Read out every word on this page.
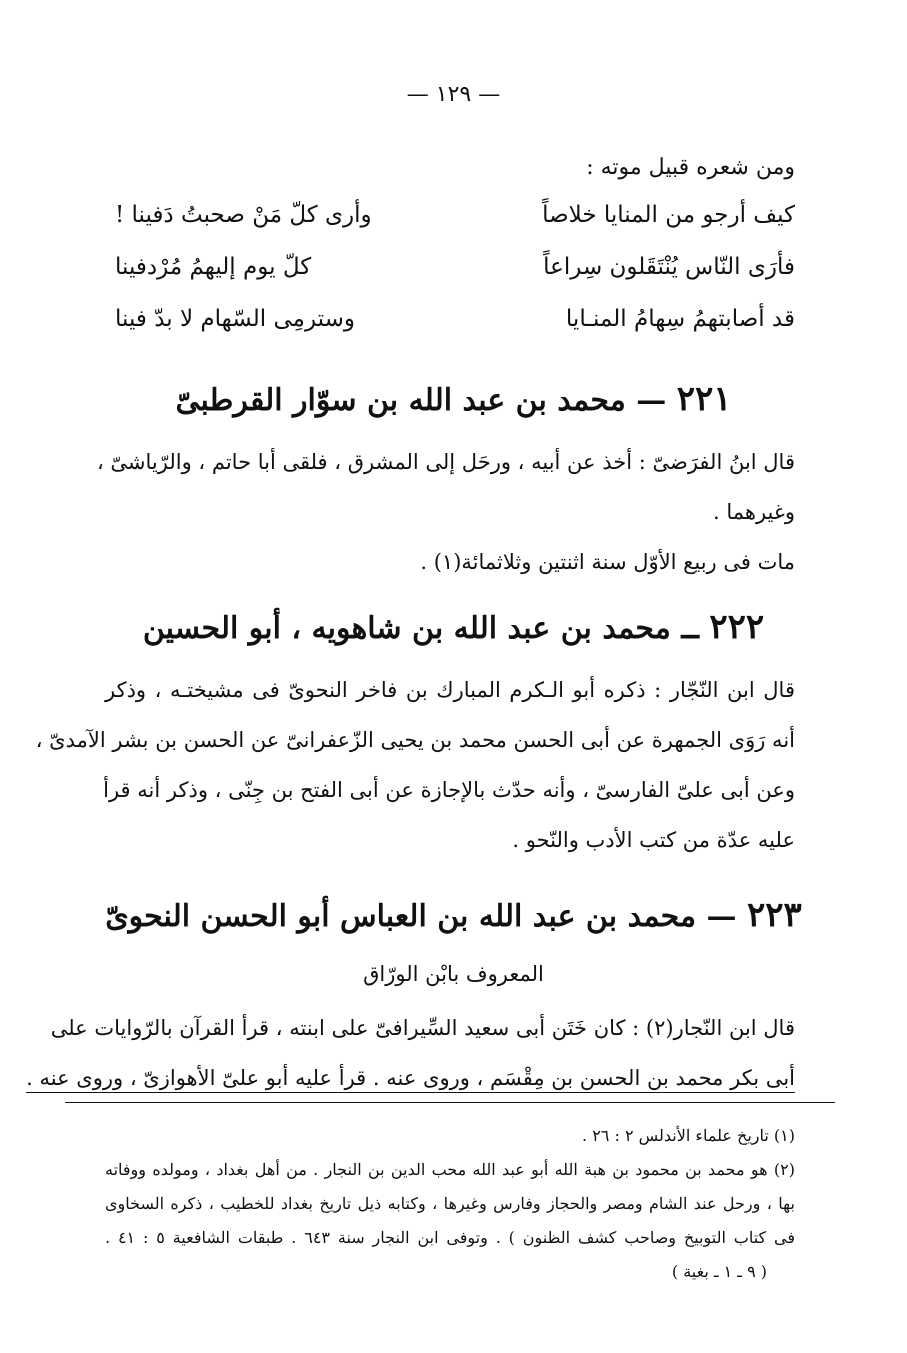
— ١٢٩ —
ومن شعره قبيل موته :
كيف أرجو من المنايا خلاصاً
وأرى كلّ مَنْ صحبتُ دَفينا !
فأرَى النّاس يُنْتَقَلون سِراعاً
كلّ يوم إليهمُ مُرْدفينا
قد أصابتهمُ سِهامُ المنـايا
وسترمِى السّهام لا بدّ فينا
٢٢١ — محمد بن عبد الله بن سوّار القرطبىّ
قال ابنُ الفرَضىّ : أخذ عن أبيه ، ورحَل إلى المشرق ، فلقى أبا حاتم ، والرّياشىّ ،
وغيرهما .
مات فى ربيع الأوّل سنة اثنتين وثلاثمائة(١) .
٢٢٢ ــ محمد بن عبد الله بن شاهويه ، أبو الحسين
قال ابن النّجّار : ذكره أبو الـكرم المبارك بن فاخر النحوىّ فى مشيختـه ، وذكر
أنه رَوَى الجمهرة عن أبى الحسن محمد بن يحيى الزّعفرانىّ عن الحسن بن بشر الآمدىّ ،
وعن أبى علىّ الفارسىّ ، وأنه حدّث بالإجازة عن أبى الفتح بن جِنّى ، وذكر أنه قرأ
عليه عدّة من كتب الأدب والنّحو .
٢٢٣ — محمد بن عبد الله بن العباس أبو الحسن النحوىّ
المعروف بابْن الورّاق
قال ابن النّجار(٢) : كان خَتَن أبى سعيد السِّيرافىّ على ابنته ، قرأ القرآن بالرّوايات على
أبى بكر محمد بن الحسن بن مِقْسَم ، وروى عنه . قرأ عليه أبو علىّ الأهوازىّ ، وروى عنه .
(١) تاريخ علماء الأندلس ٢ : ٢٦ .
(٢) هو محمد بن محمود بن هبة الله أبو عبد الله محب الدين بن النجار . من أهل بغداد ، ومولده ووفاته
بها ، ورحل عند الشام ومصر والحجاز وفارس وغيرها ، وكتابه ذيل تاريخ بغداد للخطيب ، ذكره السخاوى
فى كتاب التوبيخ وصاحب كشف الظنون ) . وتوفى ابن النجار سنة ٦٤٣ . طبقات الشافعية ٥ : ٤١ .
( ٩ ـ ١ ـ بغية )
